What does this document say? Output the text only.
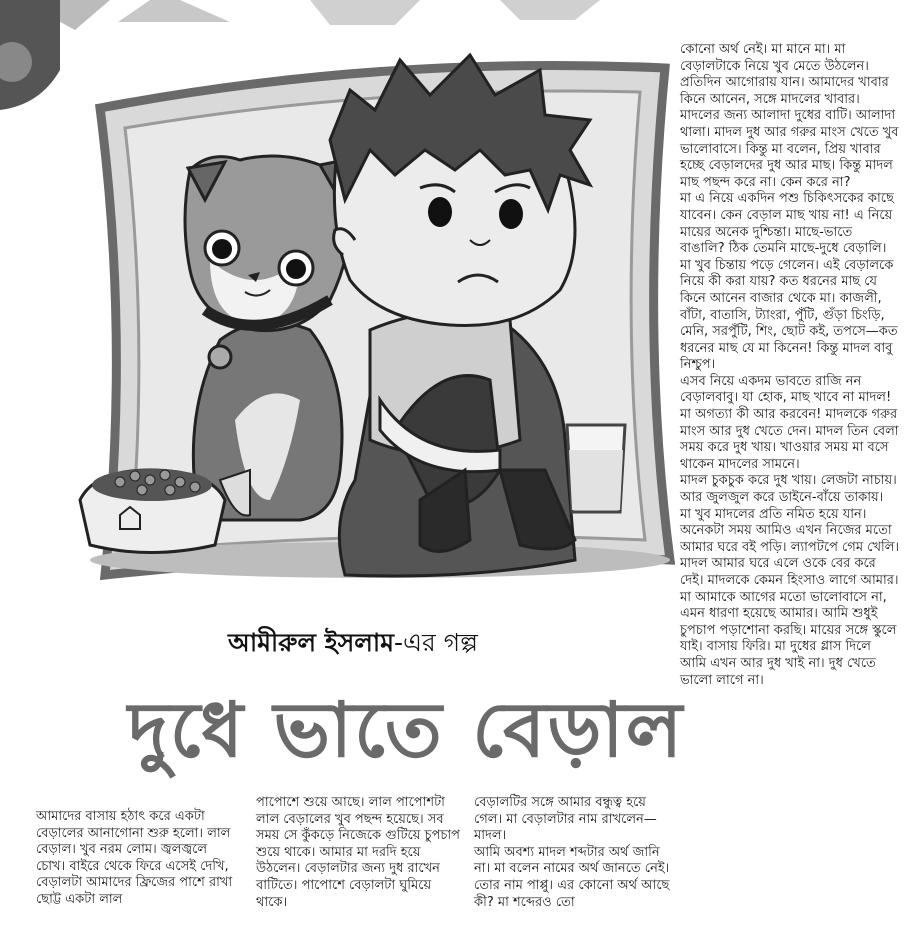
আমীরুল ইসলাম-এর গল্প
দুধে ভাতে বেড়াল

কোনো অর্থ নেই। মা মানে মা। মা বেড়ালটাকে নিয়ে খুব মেতে উঠলেন। প্রতিদিন আগোরায় যান। আমাদের খাবার কিনে আনেন, সঙ্গে মাদলের খাবার।

মাদলের জন্য আলাদা দুধের বাটি। আলাদা থালা। মাদল দুধ আর গরুর মাংস খেতে খুব ভালোবাসে। কিন্তু মা বলেন, প্রিয় খাবার হচ্ছে বেড়ালদের দুধ আর মাছ। কিন্তু মাদল মাছ পছন্দ করে না। কেন করে না?

মা এ নিয়ে একদিন পশু চিকিৎসকের কাছে যাবেন। কেন বেড়াল মাছ খায় না! এ নিয়ে মায়ের অনেক দুশ্চিন্তা। মাছে-ভাতে বাঙালি? ঠিক তেমনি মাছে-দুধে বেড়ালি।

মা খুব চিন্তায় পড়ে গেলেন। এই বেড়ালকে নিয়ে কী করা যায়? কত ধরনের মাছ যে কিনে আনেন বাজার থেকে মা। কাজলী, বাঁটা, বাতাসি, ট্যাংরা, পুঁটি, গুঁড়া চিংড়ি, মেনি, সরপুঁটি, শিং, ছোট কই, তপসে—কত ধরনের মাছ যে মা কিনেন! কিন্তু মাদল বাবু নিশ্চুপ।

এসব নিয়ে একদম ভাবতে রাজি নন বেড়ালবাবু। যা হোক, মাছ খাবে না মাদল! মা অগত্যা কী আর করবেন! মাদলকে গরুর মাংস আর দুধ খেতে দেন। মাদল তিন বেলা সময় করে দুধ খায়। খাওয়ার সময় মা বসে থাকেন মাদলের সামনে।

মাদল চুকচুক করে দুধ খায়। লেজটা নাচায়। আর জুলজুল করে ডাইনে-বাঁয়ে তাকায়।

মা খুব মাদলের প্রতি নমিত হয়ে যান। অনেকটা সময় আমিও এখন নিজের মতো আমার ঘরে বই পড়ি। ল্যাপটপে গেম খেলি। মাদল আমার ঘরে এলে ওকে বের করে দেই। মাদলকে কেমন হিংসাও লাগে আমার।

মা আমাকে আগের মতো ভালোবাসে না, এমন ধারণা হয়েছে আমার। আমি শুধুই চুপচাপ পড়াশোনা করছি। মায়ের সঙ্গে স্কুলে যাই। বাসায় ফিরি। মা দুধের গ্লাস দিলে আমি এখন আর দুধ খাই না। দুধ খেতে ভালো লাগে না।

আমাদের বাসায় হঠাৎ করে একটা বেড়ালের আনাগোনা শুরু হলো। লাল বেড়াল। খুব নরম লোম। জ্বলজ্বলে চোখ। বাইরে থেকে ফিরে এসেই দেখি, বেড়ালটা আমাদের ফ্রিজের পাশে রাখা ছোট্ট একটা লাল

পাপোশে শুয়ে আছে। লাল পাপোশটা লাল বেড়ালের খুব পছন্দ হয়েছে। সব সময় সে কুঁকড়ে নিজেকে গুটিয়ে চুপচাপ শুয়ে থাকে। আমার মা দরদি হয়ে উঠলেন। বেড়ালটার জন্য দুধ রাখেন বাটিতে। পাপোশে বেড়ালটা ঘুমিয়ে থাকে।

বেড়ালটির সঙ্গে আমার বন্ধুত্ব হয়ে গেল। মা বেড়ালটার নাম রাখলেন—মাদল।

আমি অবশ্য মাদল শব্দটার অর্থ জানি না। মা বলেন নামের অর্থ জানতে নেই। তোর নাম পাপ্পু। এর কোনো অর্থ আছে কী? মা শব্দেরও তো
